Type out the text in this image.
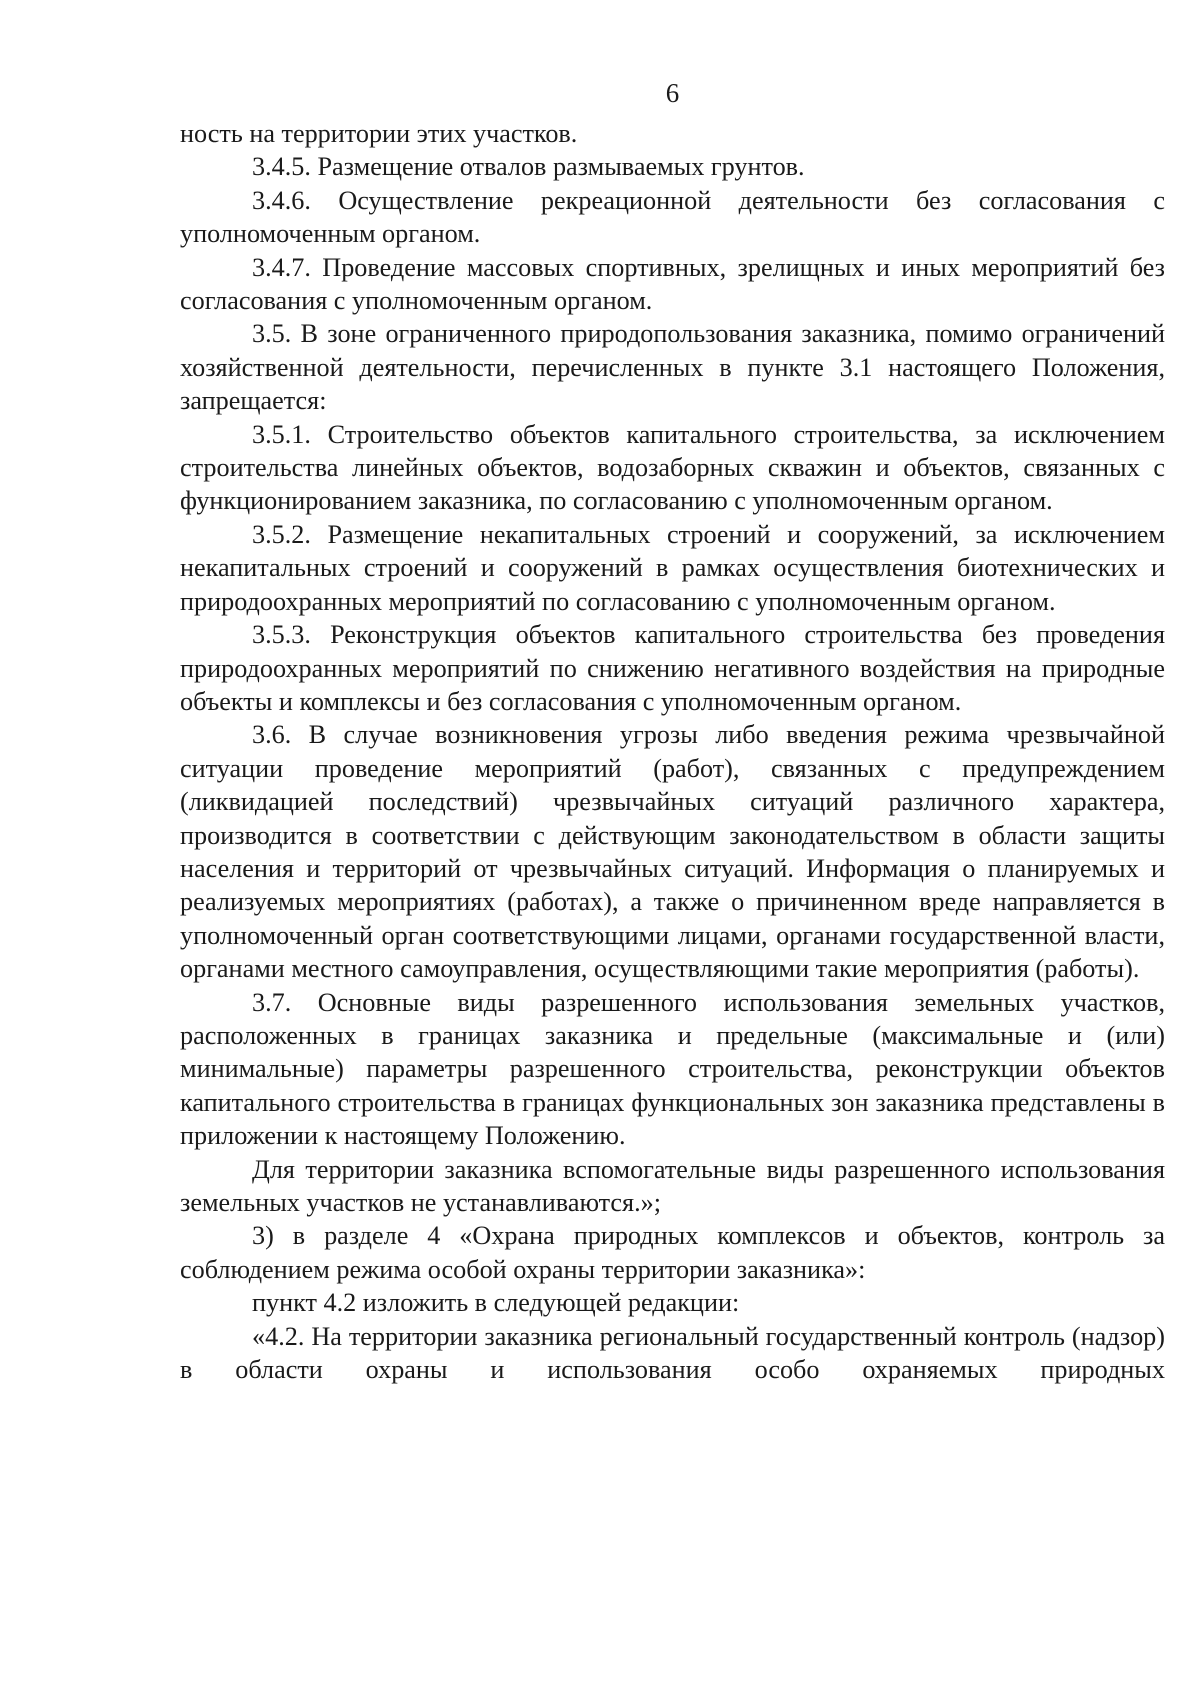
6

ность на территории этих участков.

3.4.5. Размещение отвалов размываемых грунтов.

3.4.6. Осуществление рекреационной деятельности без согласования с уполномоченным органом.

3.4.7. Проведение массовых спортивных, зрелищных и иных мероприятий без согласования с уполномоченным органом.

3.5. В зоне ограниченного природопользования заказника, помимо ограничений хозяйственной деятельности, перечисленных в пункте 3.1 настоящего Положения, запрещается:

3.5.1. Строительство объектов капитального строительства, за исключением строительства линейных объектов, водозаборных скважин и объектов, связанных с функционированием заказника, по согласованию с уполномоченным органом.

3.5.2. Размещение некапитальных строений и сооружений, за исключением некапитальных строений и сооружений в рамках осуществления биотехнических и природоохранных мероприятий по согласованию с уполномоченным органом.

3.5.3. Реконструкция объектов капитального строительства без проведения природоохранных мероприятий по снижению негативного воздействия на природные объекты и комплексы и без согласования с уполномоченным органом.

3.6. В случае возникновения угрозы либо введения режима чрезвычайной ситуации проведение мероприятий (работ), связанных с предупреждением (ликвидацией последствий) чрезвычайных ситуаций различного характера, производится в соответствии с действующим законодательством в области защиты населения и территорий от чрезвычайных ситуаций. Информация о планируемых и реализуемых мероприятиях (работах), а также о причиненном вреде направляется в уполномоченный орган соответствующими лицами, органами государственной власти, органами местного самоуправления, осуществляющими такие мероприятия (работы).

3.7. Основные виды разрешенного использования земельных участков, расположенных в границах заказника и предельные (максимальные и (или) минимальные) параметры разрешенного строительства, реконструкции объектов капитального строительства в границах функциональных зон заказника представлены в приложении к настоящему Положению.

Для территории заказника вспомогательные виды разрешенного использования земельных участков не устанавливаются.»;

3) в разделе 4 «Охрана природных комплексов и объектов, контроль за соблюдением режима особой охраны территории заказника»:

пункт 4.2 изложить в следующей редакции:

«4.2. На территории заказника региональный государственный контроль (надзор) в области охраны и использования особо охраняемых природных
